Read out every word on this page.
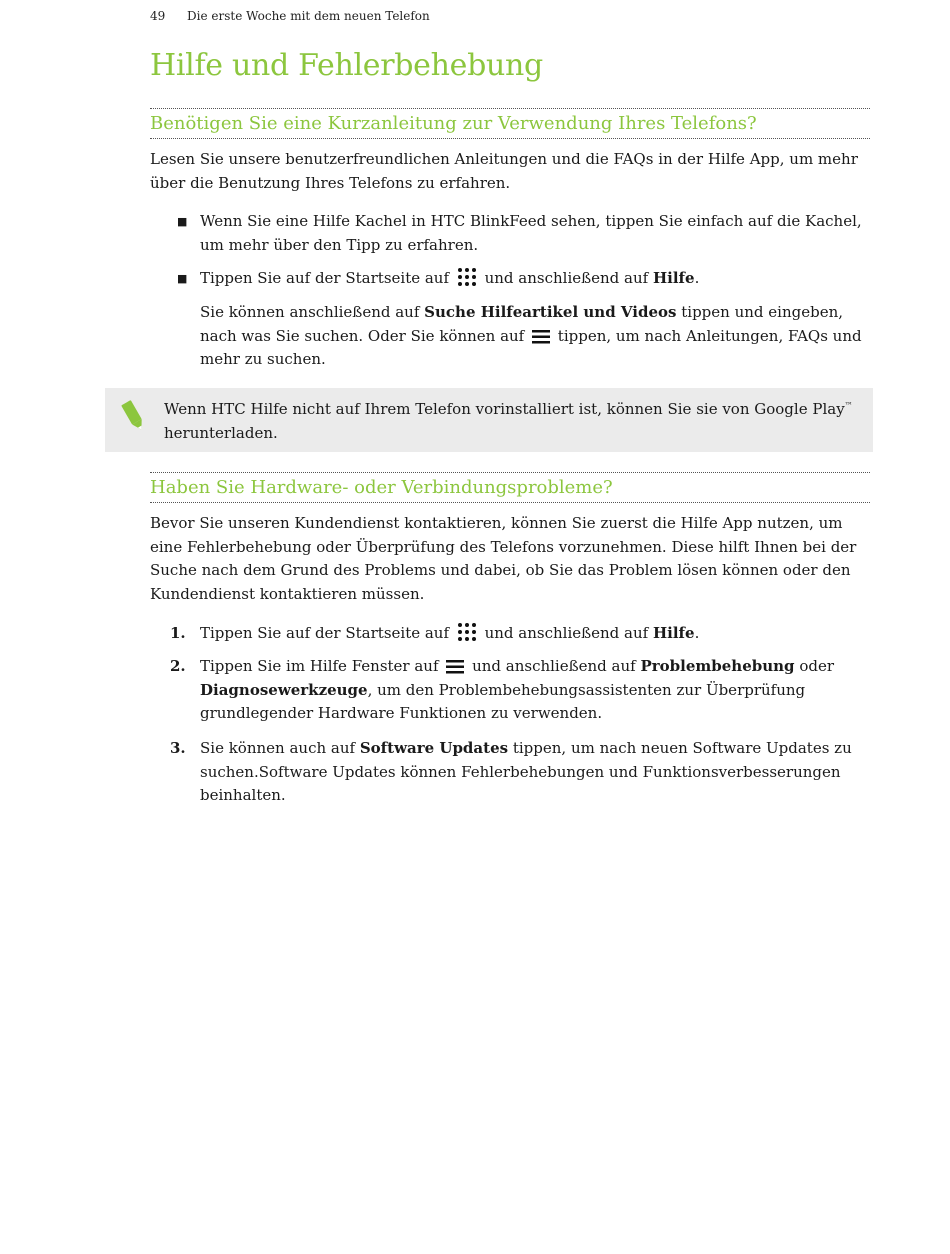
49 Die erste Woche mit dem neuen Telefon
Hilfe und Fehlerbehebung
Benötigen Sie eine Kurzanleitung zur Verwendung Ihres Telefons?

Lesen Sie unsere benutzerfreundlichen Anleitungen und die FAQs in der Hilfe App, um mehr über die Benutzung Ihres Telefons zu erfahren.

■ Wenn Sie eine Hilfe Kachel in HTC BlinkFeed sehen, tippen Sie einfach auf die Kachel, um mehr über den Tipp zu erfahren.
■ Tippen Sie auf der Startseite auf und anschließend auf Hilfe.
Sie können anschließend auf Suche Hilfeartikel und Videos tippen und eingeben, nach was Sie suchen. Oder Sie können auf tippen, um nach Anleitungen, FAQs und mehr zu suchen.
Wenn HTC Hilfe nicht auf Ihrem Telefon vorinstalliert ist, können Sie sie von Google Play™ herunterladen.
Haben Sie Hardware- oder Verbindungsprobleme?

Bevor Sie unseren Kundendienst kontaktieren, können Sie zuerst die Hilfe App nutzen, um eine Fehlerbehebung oder Überprüfung des Telefons vorzunehmen. Diese hilft Ihnen bei der Suche nach dem Grund des Problems und dabei, ob Sie das Problem lösen können oder den Kundendienst kontaktieren müssen.

1. Tippen Sie auf der Startseite auf und anschließend auf Hilfe.
2. Tippen Sie im Hilfe Fenster auf und anschließend auf Problembehebung oder Diagnosewerkzeuge, um den Problembehebungsassistenten zur Überprüfung grundlegender Hardware Funktionen zu verwenden.
3. Sie können auch auf Software Updates tippen, um nach neuen Software Updates zu suchen.Software Updates können Fehlerbehebungen und Funktionsverbesserungen beinhalten.
